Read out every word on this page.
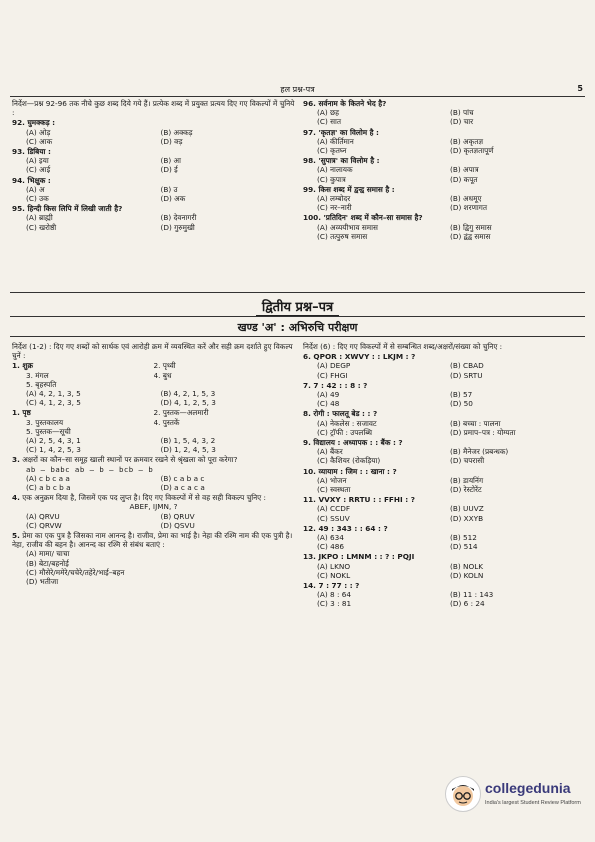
हल प्रश्न-पत्र	5
निर्देश—प्रश्न 92-96 तक नीचे कुछ शब्द दिये गये हैं। प्रत्येक शब्द में प्रयुक्त प्रत्यय दिए गए विकल्पों में चुनिये :
92. घुमक्कड़ :
(A) ओड़	(B) अक्कड़
(C) आक	(D) क्ड़
93. डिबिया :
(A) इया	(B) आ
(C) आई	(D) ई
94. भिक्षुक :
(A) अ	(B) उ
(C) उक	(D) अक
95. हिन्दी किस लिपि में लिखी जाती है?
(A) ब्राह्मी	(B) देवनागरी
(C) खरोष्ठी	(D) गुरुमुखी
96. सर्वनाम के कितने भेद है?
(A) छह	(B) पांच
(C) सात	(D) चार
97. 'कृतज्ञ' का विलोम है :
(A) कीर्तिमान	(B) अकृतज्ञ
(C) कृतघ्न	(D) कृतज्ञतापूर्ण
98. 'सुपात्र' का विलोम है :
(A) नालायक	(B) अपात्र
(C) कुपात्र	(D) कपूत
99. किस शब्द में द्वन्द्व समास है :
(A) लम्बोदर	(B) अधमूए
(C) नर–नारी	(D) शरणागत
100. 'प्रतिदिन' शब्द में कौन–सा समास है?
(A) अव्ययीभाव समास	(B) द्विगु समास
(C) तत्पुरुष समास	(D) द्वंद्व समास
द्वितीय प्रश्न–पत्र
खण्ड 'अ' : अभिरुचि परीक्षण
निर्देश (1-2) : दिए गए शब्दों को सार्थक एवं आरोही क्रम में व्यवस्थित करें और सही क्रम दर्शाते हुए विकल्प चुनें :
1. शुक्र	2. पृथ्वी
3. मंगल	4. बुध
5. बृहस्पति
(A) 4, 2, 1, 3, 5	(B) 4, 2, 1, 5, 3
(C) 4, 1, 2, 3, 5	(D) 4, 1, 2, 5, 3
1. पृष्ठ	2. पुस्तक—अलमारी
3. पुस्तकालय	4. पुस्तकें
5. पुस्तक—सूची
(A) 2, 5, 4, 3, 1	(B) 1, 5, 4, 3, 2
(C) 1, 4, 2, 5, 3	(D) 1, 2, 4, 5, 3
3. अक्षरों का कौन–सा समूह खाली स्थानों पर क्रमवार रखने से श्रृंखला को पूरा करेगा?
ab – babc ab – b – bcb – b
(A) c b c a a	(B) c a b a c
(C) a b c b a	(D) a c a c a
4. एक अनुक्रम दिया है, जिसमें एक पद लुप्त है। दिए गए विकल्पों में से वह सही विकल्प चुनिए :
ABEF, IJMN, ?
(A) QRVU	(B) QRUV
(C) QRVW	(D) QSVU
5. प्रेमा का एक पुत्र है जिसका नाम आनन्द है। राजीव, प्रेमा का भाई है। नेहा की रश्मि नाम की एक पुत्री है। नेहा, राजीव की बहन है। आनन्द का रश्मि से संबंध बताएं :
(A) मामा/ चाचा
(B) बेटा/बहनोई
(C) मौसेरे/ममेरे/चचेरे/तहेरे/भाई–बहन
(D) भतीजा
निर्देश (6) : दिए गए विकल्पों में से सम्बन्धित शब्द/अक्षरों/संख्या को चुनिए :
6. QPOR : XWVY : : LKJM : ?
(A) DEGP	(B) CBAD
(C) FHGI	(D) SRTU
7. 7 : 42 : : 8 : ?
(A) 49	(B) 57
(C) 48	(D) 50
8. रोगी : फालतू बेड : : ?
(A) नेकलेस : सजावट	(B) बच्चा : पालना
(C) ट्रॉफी : उपलब्धि	(D) प्रमाप–पत्र : योग्यता
9. विद्यालय : अध्यापक : : बैंक : ?
(A) बैंकर	(B) मैनेजर (प्रबन्धक)
(C) कैशियर (रोकड़िया)	(D) चपरासी
10. व्यायाम : जिम : : खाना : ?
(A) भोजन	(B) डायनिंग
(C) स्वस्थता	(D) रेस्टोरेंट
11. VVXY : RRTU : : FFHI : ?
(A) CCDF	(B) UUVZ
(C) SSUV	(D) XXYB
12. 49 : 343 : : 64 : ?
(A) 634	(B) 512
(C) 486	(D) 514
13. JKPO : LMNM : : ? : PQJI
(A) LKNO	(B) NOLK
(C) NOKL	(D) KOLN
14. 7 : 77 : : ?
(A) 8 : 64	(B) 11 : 143
(C) 3 : 81	(D) 6 : 24
collegedunia
India's largest Student Review Platform
